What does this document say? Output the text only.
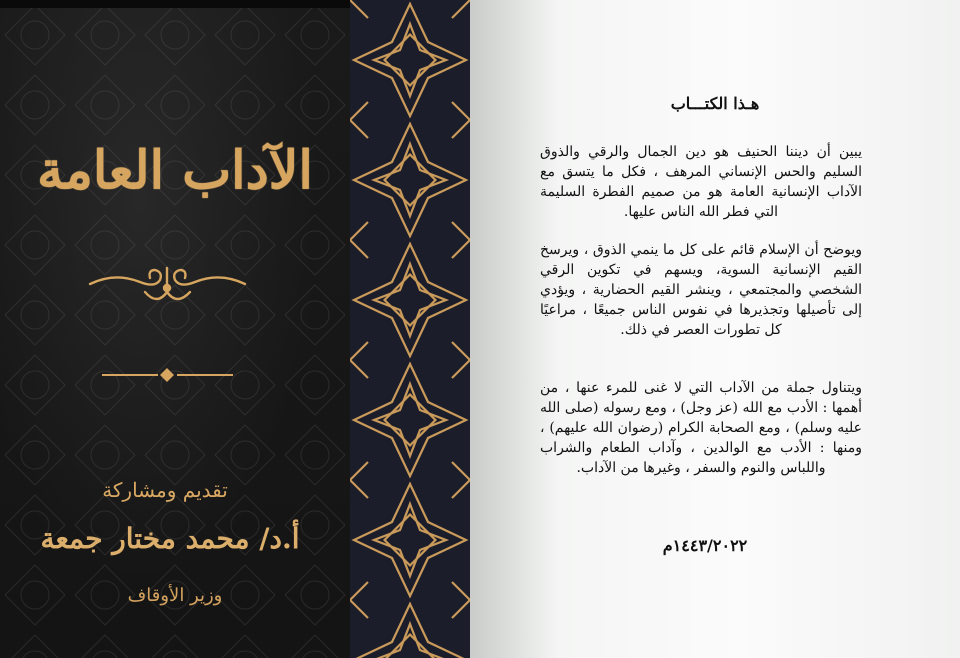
الآداب العامة
تقديم ومشاركة
أ.د/ محمد مختار جمعة
وزير الأوقاف
هـذا الكتـــاب
يبين أن ديننا الحنيف هو دين الجمال والرقي والذوق السليم والحس الإنساني المرهف ، فكل ما يتسق مع الآداب الإنسانية العامة هو من صميم الفطرة السليمة التي فطر الله الناس عليها.
ويوضح أن الإسلام قائم على كل ما ينمي الذوق ، ويرسخ القيم الإنسانية السوية، ويسهم في تكوين الرقي الشخصي والمجتمعي ، وينشر القيم الحضارية ، ويؤدي إلى تأصيلها وتجذيرها في نفوس الناس جميعًا ، مراعيًا كل تطورات العصر في ذلك.
ويتناول جملة من الآداب التي لا غنى للمرء عنها ، من أهمها : الأدب مع الله (عز وجل) ، ومع رسوله (صلى الله عليه وسلم) ، ومع الصحابة الكرام (رضوان الله عليهم) ، ومنها : الأدب مع الوالدين ، وآداب الطعام والشراب واللباس والنوم والسفر ، وغيرها من الآداب.
١٤٤٣/٢٠٢٢م
